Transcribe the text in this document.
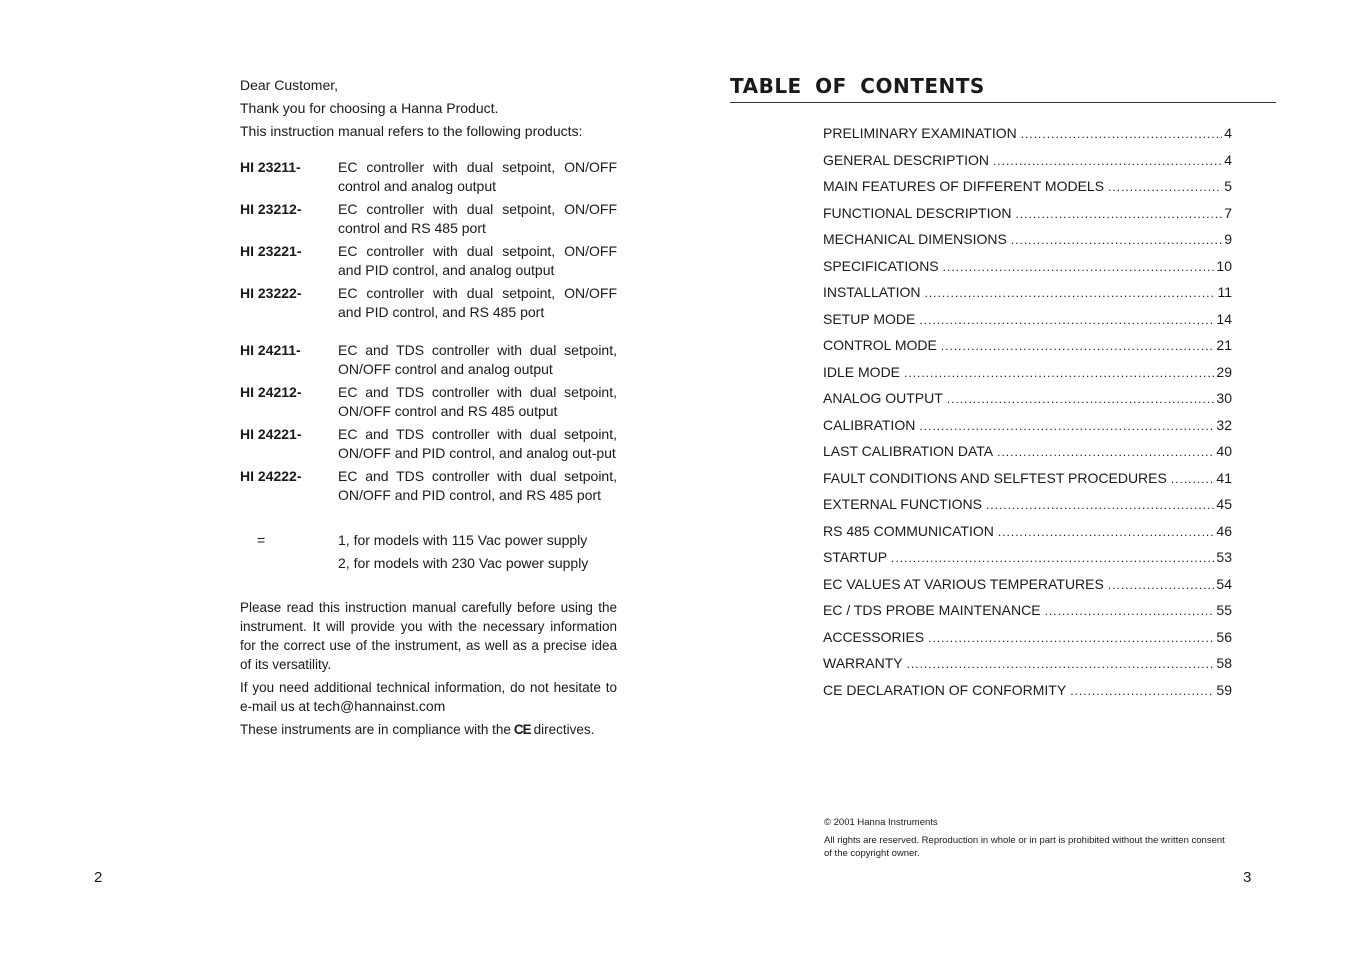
Dear Customer,
Thank you for choosing a Hanna Product.
This instruction manual refers to the following products:
HI 23211-	EC controller with dual setpoint, ON/OFF control and analog output
HI 23212-	EC controller with dual setpoint, ON/OFF control and RS 485 port
HI 23221-	EC controller with dual setpoint, ON/OFF and PID control, and analog output
HI 23222-	EC controller with dual setpoint, ON/OFF and PID control, and RS 485 port
HI 24211-	EC and TDS controller with dual setpoint, ON/OFF control and analog output
HI 24212-	EC and TDS controller with dual setpoint, ON/OFF control and RS 485 output
HI 24221-	EC and TDS controller with dual setpoint, ON/OFF and PID control, and analog out-put
HI 24222-	EC and TDS controller with dual setpoint, ON/OFF and PID control, and RS 485 port
=	1, for models with 115 Vac power supply
2, for models with 230 Vac power supply

Please read this instruction manual carefully before using the instrument. It will provide you with the necessary information for the correct use of the instrument, as well as a precise idea of its versatility.

If you need additional technical information, do not hesitate to e-mail us at tech@hannainst.com

These instruments are in compliance with the CE directives.

2
TABLE OF CONTENTS
PRELIMINARY EXAMINATION .....	4
GENERAL DESCRIPTION .....	4
MAIN FEATURES OF DIFFERENT MODELS .....	5
FUNCTIONAL DESCRIPTION .....	7
MECHANICAL DIMENSIONS .....	9
SPECIFICATIONS .....	10
INSTALLATION .....	11
SETUP MODE .....	14
CONTROL MODE .....	21
IDLE MODE .....	29
ANALOG OUTPUT .....	30
CALIBRATION .....	32
LAST CALIBRATION DATA .....	40
FAULT CONDITIONS AND SELFTEST PROCEDURES .....	41
EXTERNAL FUNCTIONS .....	45
RS 485 COMMUNICATION .....	46
STARTUP .....	53
EC VALUES AT VARIOUS TEMPERATURES .....	54
EC / TDS PROBE MAINTENANCE .....	55
ACCESSORIES .....	56
WARRANTY .....	58
CE DECLARATION OF CONFORMITY .....	59

© 2001 Hanna Instruments

All rights are reserved. Reproduction in whole or in part is prohibited without the written consent of the copyright owner.

3
